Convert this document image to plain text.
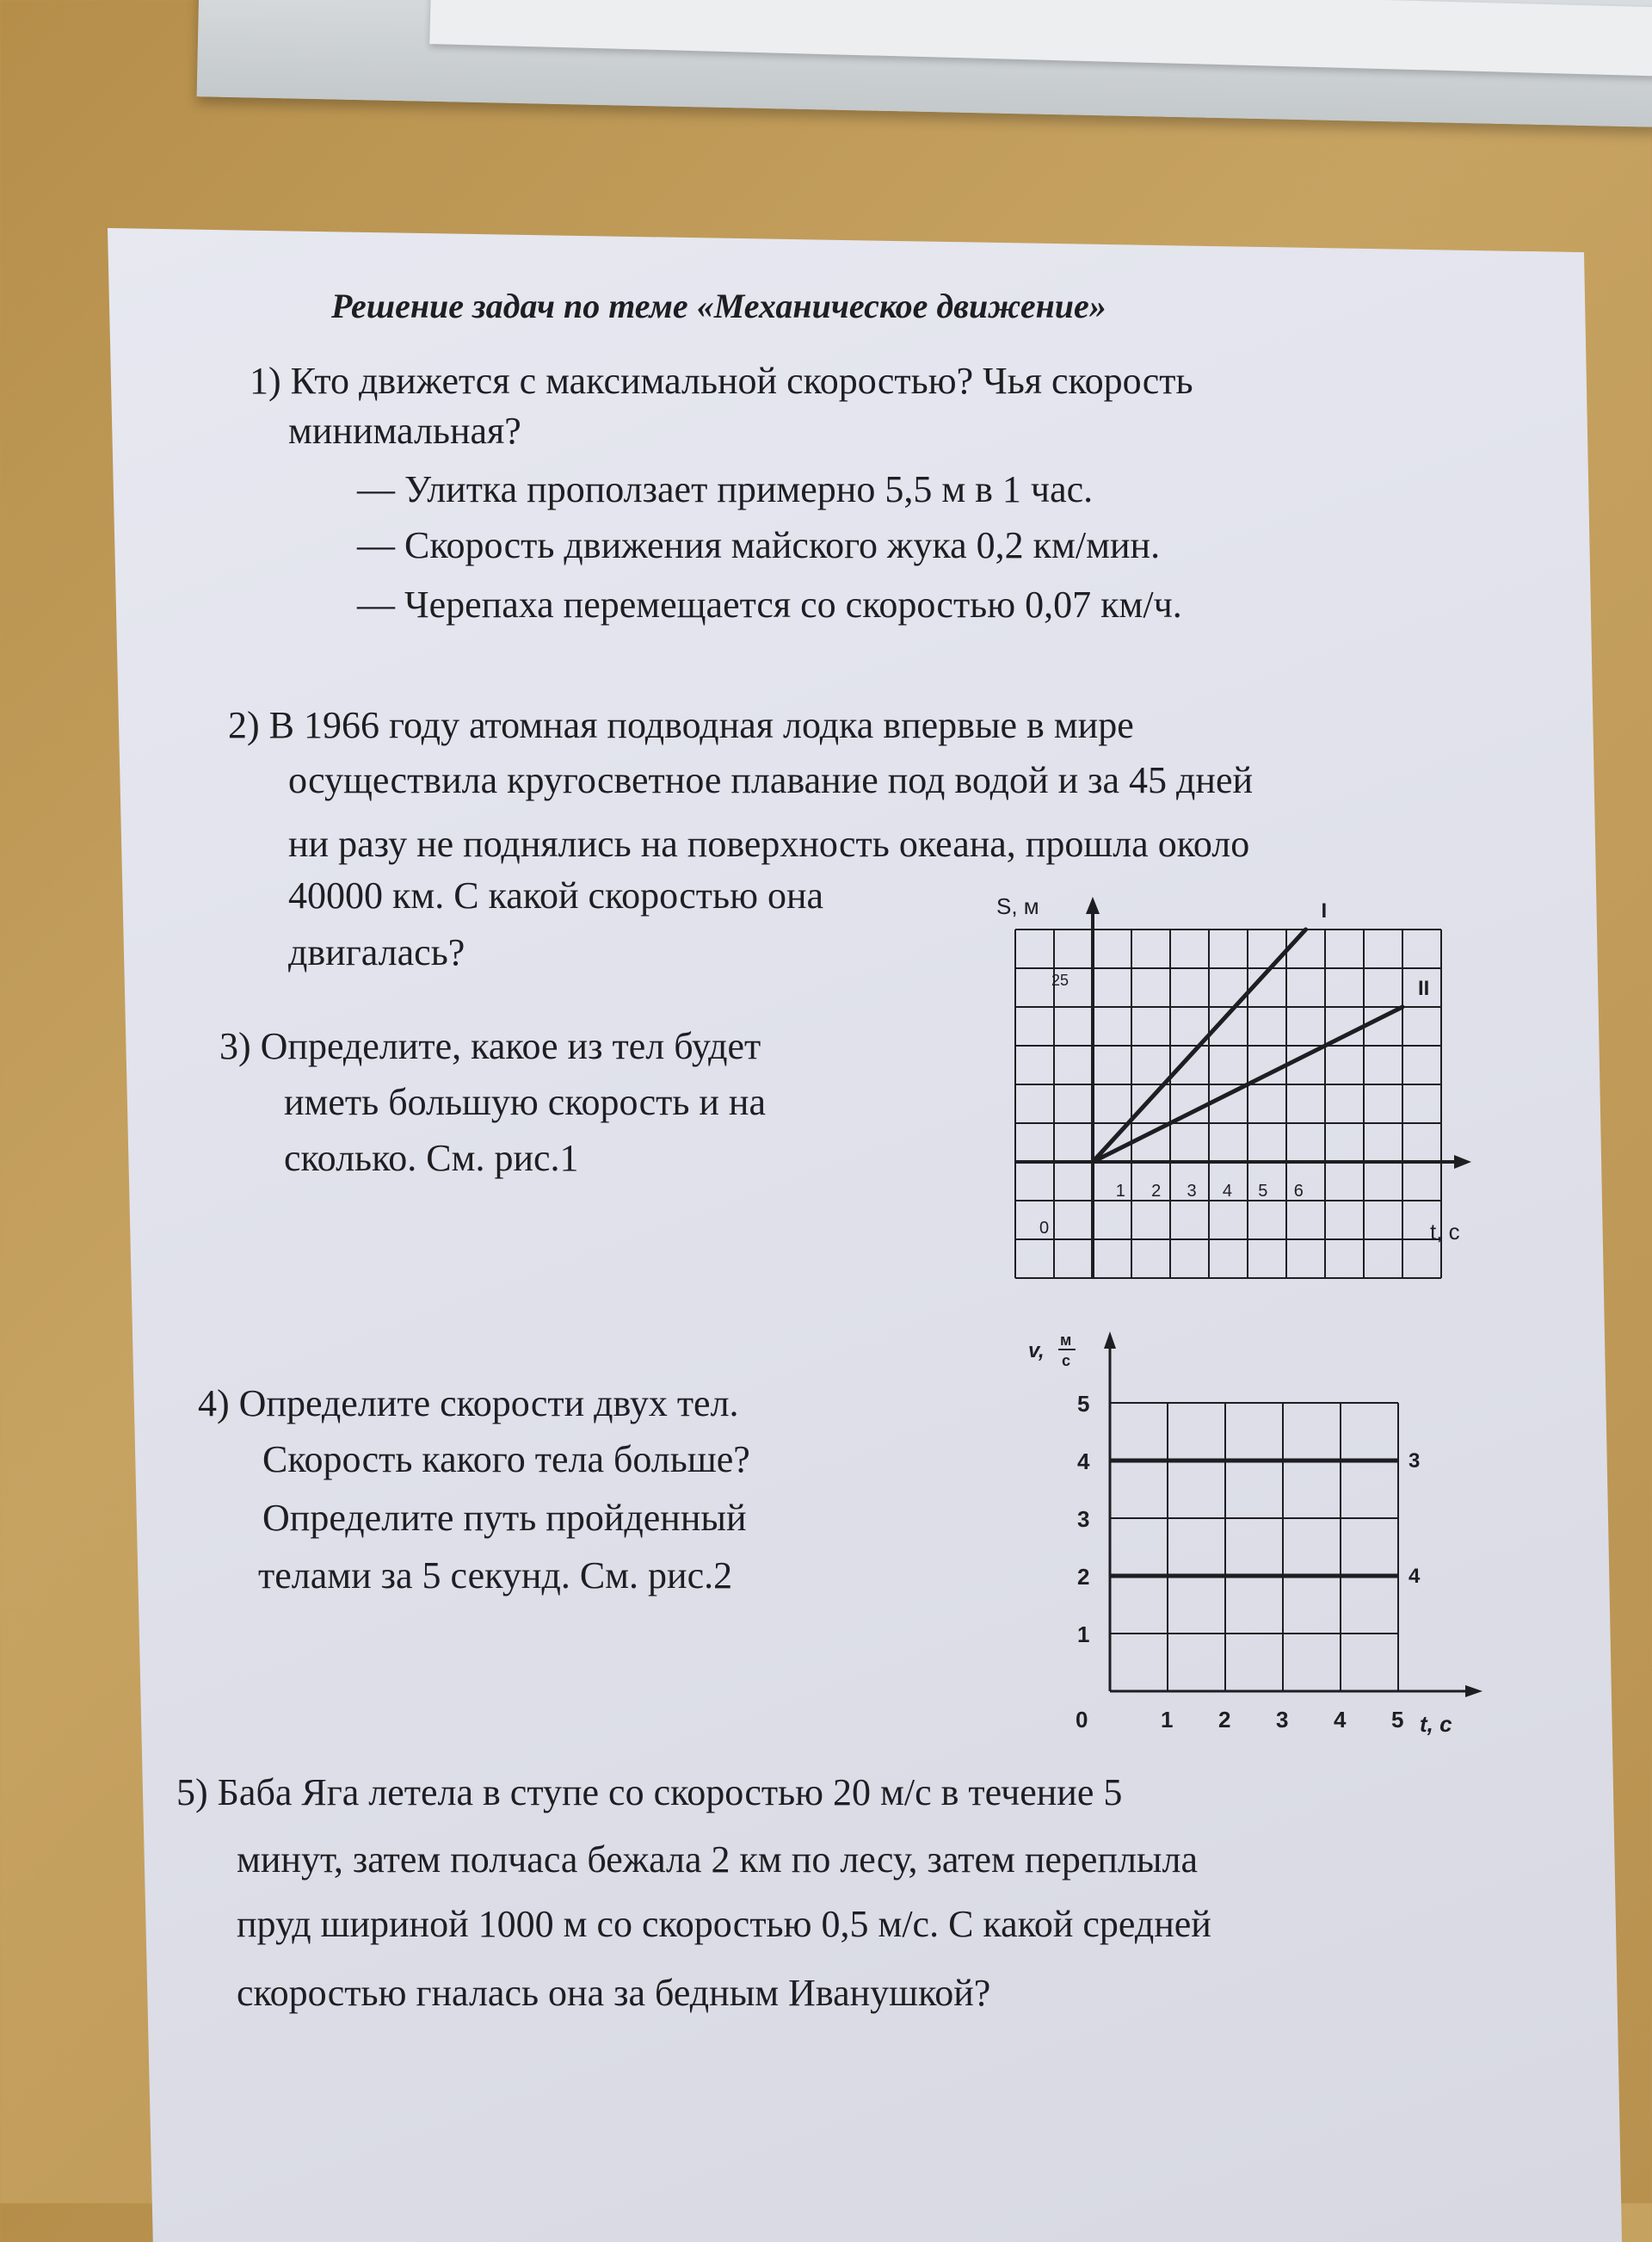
Решение задач по теме «Механическое движение»
1) Кто движется с максимальной скоростью? Чья скорость
минимальная?
— Улитка проползает примерно 5,5 м в 1 час.
— Скорость движения майского жука 0,2 км/мин.
— Черепаха перемещается со скоростью 0,07 км/ч.
2) В 1966 году атомная подводная лодка впервые в мире
осуществила кругосветное плавание под водой и за 45 дней
ни разу не поднялись на поверхность океана, прошла около
40000 км. С какой скоростью она
двигалась?
3) Определите, какое из тел будет
иметь большую скорость и на
сколько. См. рис.1
4) Определите скорости двух тел.
Скорость какого тела больше?
Определите путь пройденный
телами за 5 секунд. См. рис.2
5) Баба Яга летела в ступе со скоростью 20 м/с в течение 5
минут, затем полчаса бежала 2 км по лесу, затем переплыла
пруд шириной 1000 м со скоростью 0,5 м/с. С какой средней
скоростью гналась она за бедным Иванушкой?
I
II
S, м
t, с
0
1 2 3 4 5 6
25
3
4
v, м
с
t, с
0	1 2 3 4 5
1
2
3
4
5
